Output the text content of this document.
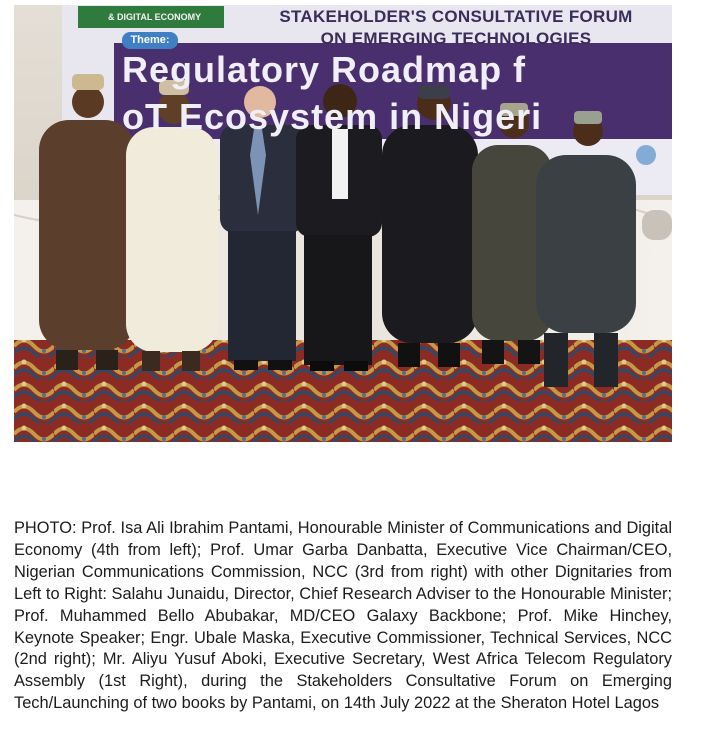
& DIGITAL ECONOMY	STAKEHOLDER'S CONSULTATIVE FORUM
ON EMERGING TECHNOLOGIES
Theme:
Regulatory Roadmap f
oT Ecosystem in Nigeri

PHOTO: Prof. Isa Ali Ibrahim Pantami, Honourable Minister of Communications and Digital Economy (4th from left); Prof. Umar Garba Danbatta, Executive Vice Chairman/CEO, Nigerian Communications Commission, NCC (3rd from right) with other Dignitaries from Left to Right: Salahu Junaidu, Director, Chief Research Adviser to the Honourable Minister; Prof. Muhammed Bello Abubakar, MD/CEO Galaxy Backbone; Prof. Mike Hinchey, Keynote Speaker; Engr. Ubale Maska, Executive Commissioner, Technical Services, NCC (2nd right); Mr. Aliyu Yusuf Aboki, Executive Secretary, West Africa Telecom Regulatory Assembly (1st Right), during the Stakeholders Consultative Forum on Emerging Tech/Launching of two books by Pantami, on 14th July 2022 at the Sheraton Hotel Lagos
